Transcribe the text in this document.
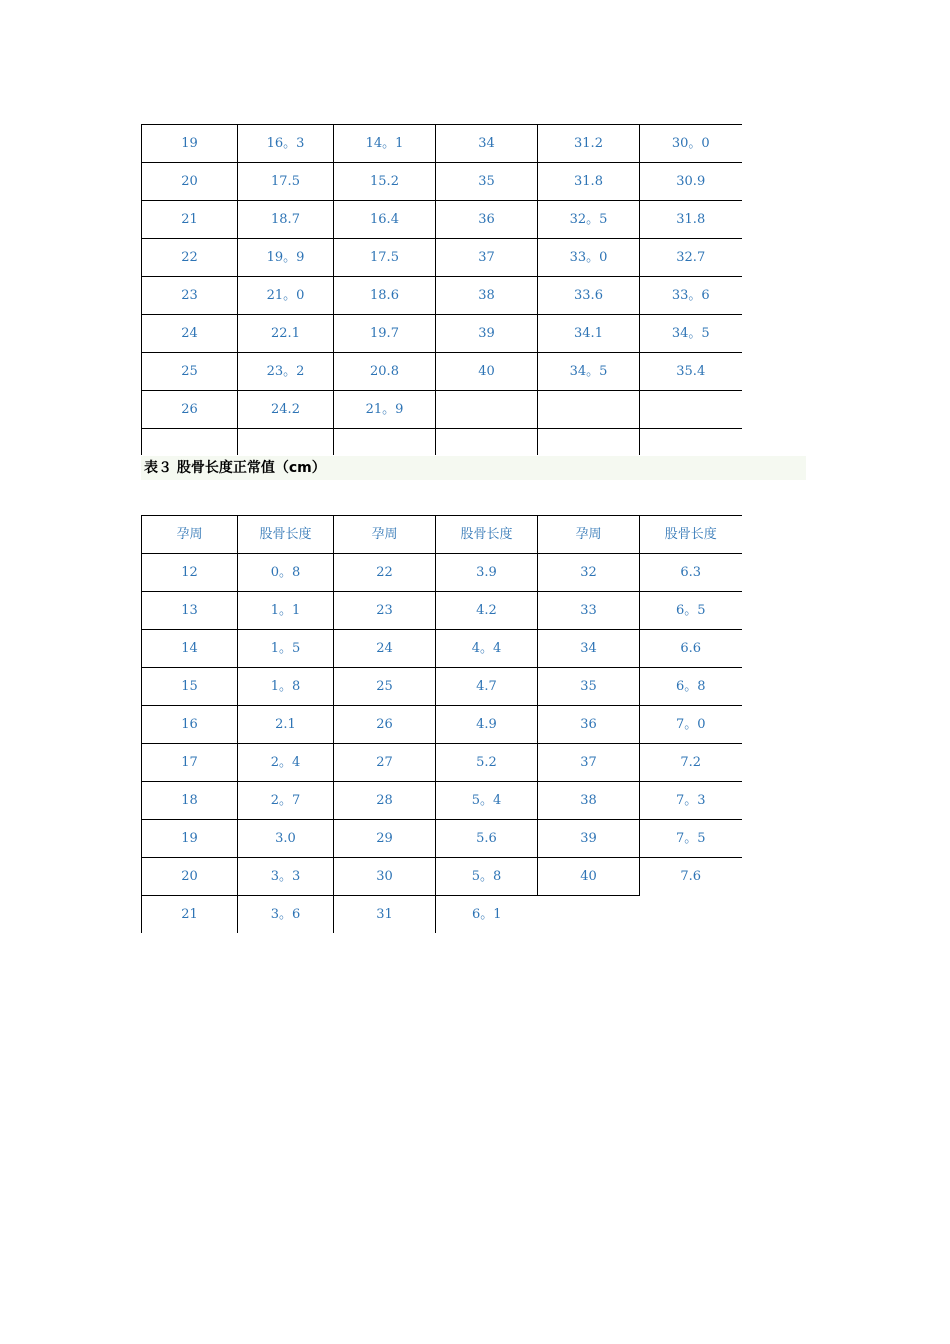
19	16。3	14。1	34	31.2	30。0
20	17.5	15.2	35	31.8	30.9
21	18.7	16.4	36	32。5	31.8
22	19。9	17.5	37	33。0	32.7
23	21。0	18.6	38	33.6	33。6
24	22.1	19.7	39	34.1	34。5
25	23。2	20.8	40	34。5	35.4
26	24.2	21。9			

表３ 股骨长度正常值（cm）
孕周	股骨长度	孕周	股骨长度	孕周	股骨长度
12	0。8	22	3.9	32	6.3
13	1。1	23	4.2	33	6。5
14	1。5	24	4。4	34	6.6
15	1。8	25	4.7	35	6。8
16	2.1	26	4.9	36	7。0
17	2。4	27	5.2	37	7.2
18	2。7	28	5。4	38	7。3
19	3.0	29	5.6	39	7。5
20	3。3	30	5。8	40	7.6
21	3。6	31	6。1		
